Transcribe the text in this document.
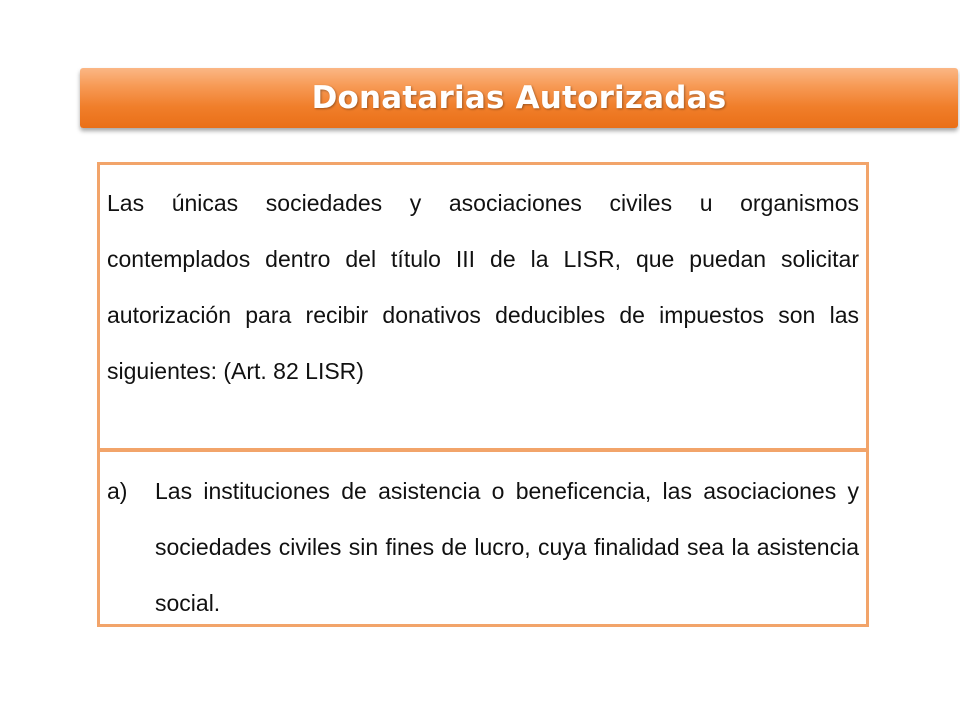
Donatarias Autorizadas

Las únicas sociedades y asociaciones civiles u organismos contemplados dentro del título III de la LISR, que puedan solicitar autorización para recibir donativos deducibles de impuestos son las siguientes: (Art. 82 LISR)

a)	Las instituciones de asistencia o beneficencia, las asociaciones y sociedades civiles sin fines de lucro, cuya finalidad sea la asistencia social.
